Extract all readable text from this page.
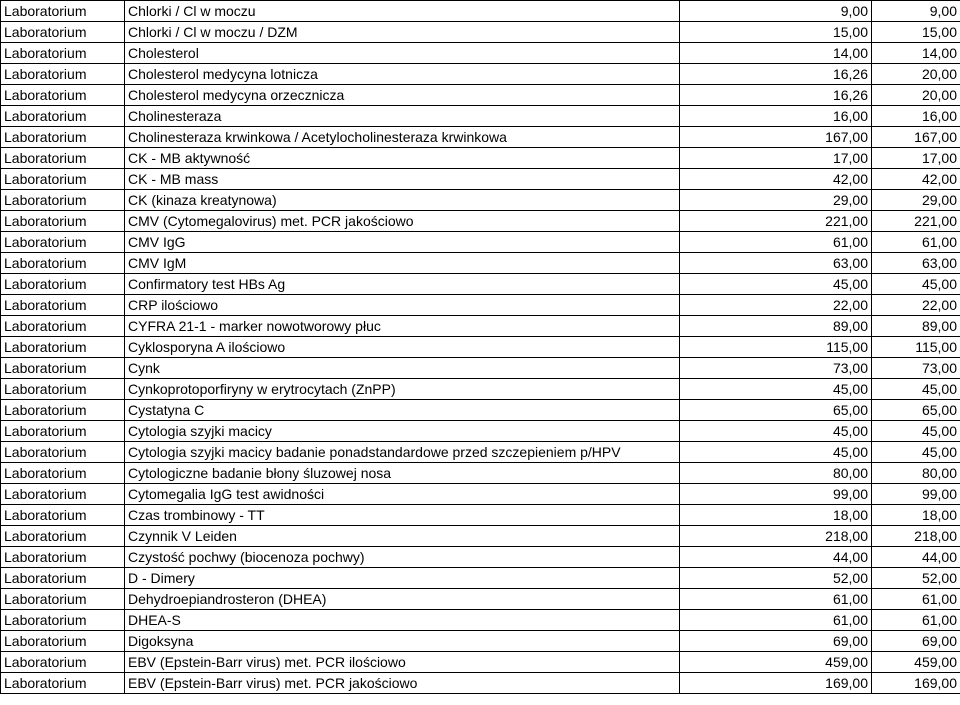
Laboratorium	Chlorki / Cl w moczu	9,00	9,00
Laboratorium	Chlorki / Cl w moczu / DZM	15,00	15,00
Laboratorium	Cholesterol	14,00	14,00
Laboratorium	Cholesterol medycyna lotnicza	16,26	20,00
Laboratorium	Cholesterol medycyna orzecznicza	16,26	20,00
Laboratorium	Cholinesteraza	16,00	16,00
Laboratorium	Cholinesteraza krwinkowa / Acetylocholinesteraza krwinkowa	167,00	167,00
Laboratorium	CK - MB aktywność	17,00	17,00
Laboratorium	CK - MB mass	42,00	42,00
Laboratorium	CK (kinaza kreatynowa)	29,00	29,00
Laboratorium	CMV (Cytomegalovirus) met. PCR jakościowo	221,00	221,00
Laboratorium	CMV IgG	61,00	61,00
Laboratorium	CMV IgM	63,00	63,00
Laboratorium	Confirmatory test HBs Ag	45,00	45,00
Laboratorium	CRP ilościowo	22,00	22,00
Laboratorium	CYFRA 21-1 - marker nowotworowy płuc	89,00	89,00
Laboratorium	Cyklosporyna A ilościowo	115,00	115,00
Laboratorium	Cynk	73,00	73,00
Laboratorium	Cynkoprotoporfiryny w erytrocytach (ZnPP)	45,00	45,00
Laboratorium	Cystatyna C	65,00	65,00
Laboratorium	Cytologia szyjki macicy	45,00	45,00
Laboratorium	Cytologia szyjki macicy badanie ponadstandardowe przed szczepieniem p/HPV	45,00	45,00
Laboratorium	Cytologiczne badanie błony śluzowej nosa	80,00	80,00
Laboratorium	Cytomegalia IgG test awidności	99,00	99,00
Laboratorium	Czas trombinowy - TT	18,00	18,00
Laboratorium	Czynnik V Leiden	218,00	218,00
Laboratorium	Czystość pochwy (biocenoza pochwy)	44,00	44,00
Laboratorium	D - Dimery	52,00	52,00
Laboratorium	Dehydroepiandrosteron (DHEA)	61,00	61,00
Laboratorium	DHEA-S	61,00	61,00
Laboratorium	Digoksyna	69,00	69,00
Laboratorium	EBV (Epstein-Barr virus) met. PCR ilościowo	459,00	459,00
Laboratorium	EBV (Epstein-Barr virus) met. PCR jakościowo	169,00	169,00
